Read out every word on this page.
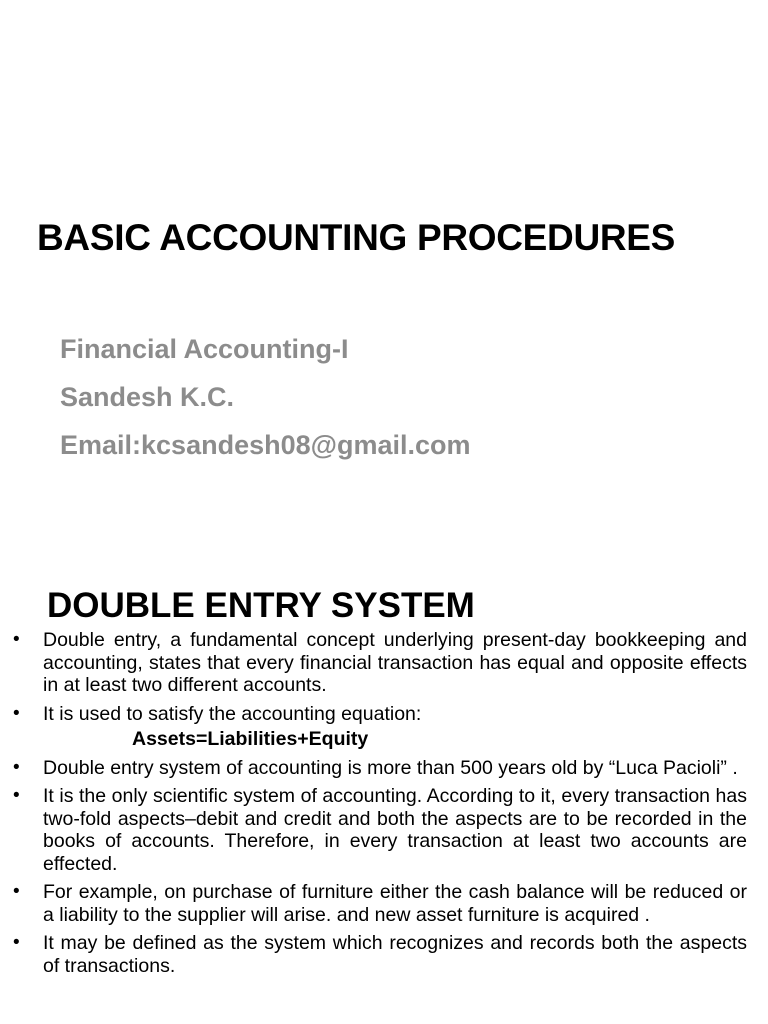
BASIC ACCOUNTING PROCEDURES
Financial Accounting-I
Sandesh K.C.
Email:kcsandesh08@gmail.com
DOUBLE ENTRY SYSTEM
• Double entry, a fundamental concept underlying present-day bookkeeping and accounting, states that every financial transaction has equal and opposite effects in at least two different accounts.
• It is used to satisfy the accounting equation:
Assets=Liabilities+Equity
• Double entry system of accounting is more than 500 years old by “Luca Pacioli” .
• It is the only scientific system of accounting. According to it, every transaction has two-fold aspects–debit and credit and both the aspects are to be recorded in the books of accounts. Therefore, in every transaction at least two accounts are effected.
• For example, on purchase of furniture either the cash balance will be reduced or a liability to the supplier will arise. and new asset furniture is acquired .
• It may be defined as the system which recognizes and records both the aspects of transactions.
